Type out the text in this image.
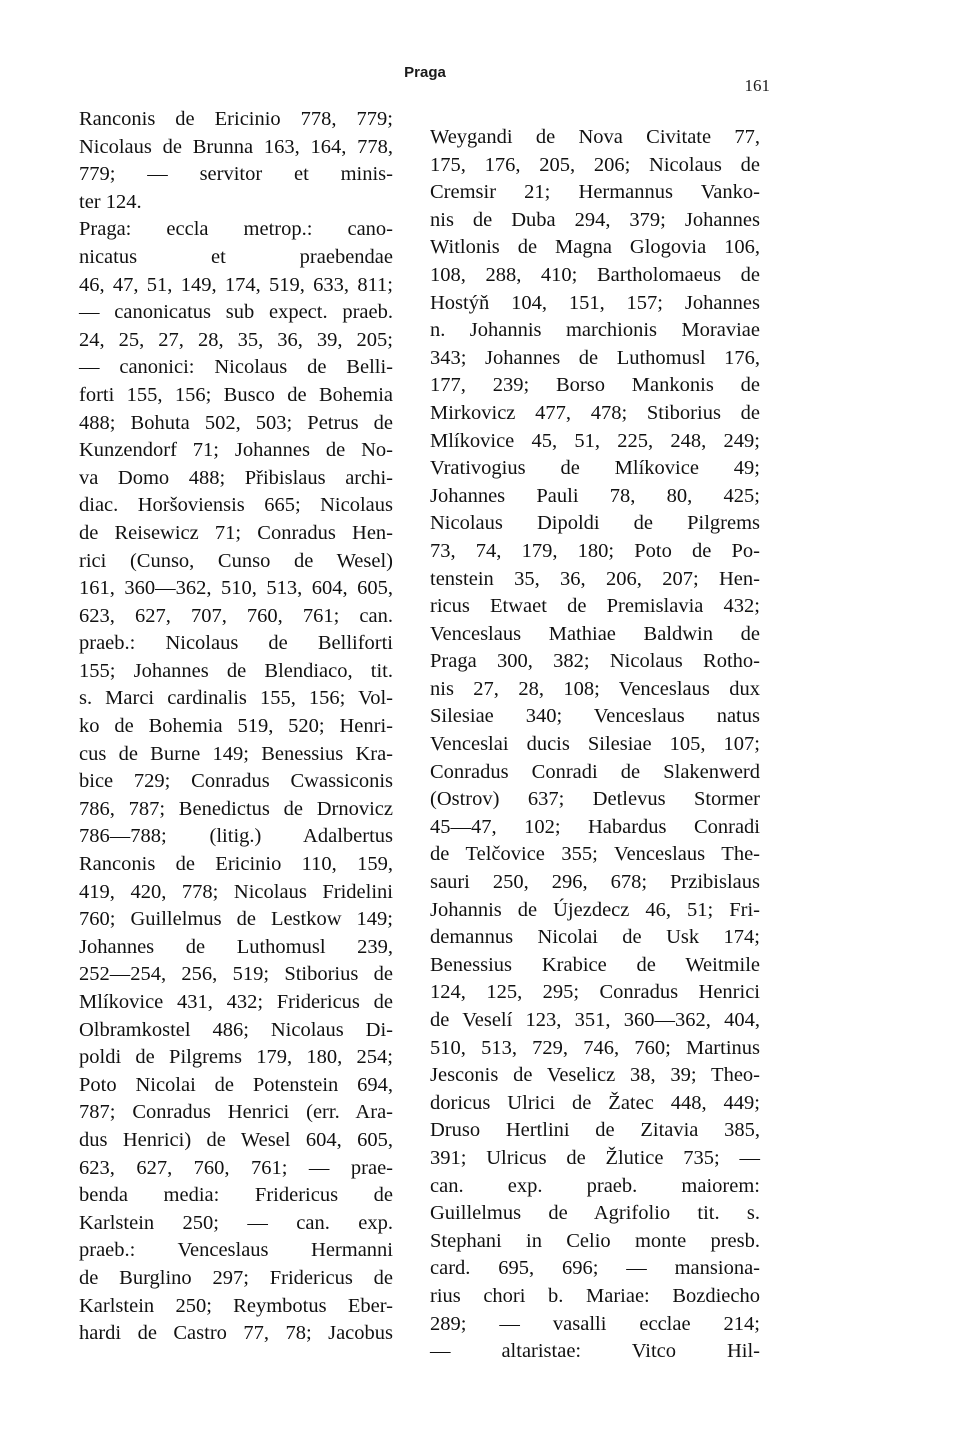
Praga
161
Ranconis de Ericinio 778, 779;
Nicolaus de Brunna 163, 164, 778,
779; — servitor et minis-
ter 124.
Praga: eccla metrop.: cano-
nicatus et praebendae
46, 47, 51, 149, 174, 519, 633, 811;
— canonicatus sub expect. praeb.
24, 25, 27, 28, 35, 36, 39, 205;
— canonici: Nicolaus de Belli-
forti 155, 156; Busco de Bohemia
488; Bohuta 502, 503; Petrus de
Kunzendorf 71; Johannes de No-
va Domo 488; Přibislaus archi-
diac. Horšoviensis 665; Nicolaus
de Reisewicz 71; Conradus Hen-
rici (Cunso, Cunso de Wesel)
161, 360—362, 510, 513, 604, 605,
623, 627, 707, 760, 761; can.
praeb.: Nicolaus de Belliforti
155; Johannes de Blendiaco, tit.
s. Marci cardinalis 155, 156; Vol-
ko de Bohemia 519, 520; Henri-
cus de Burne 149; Benessius Kra-
bice 729; Conradus Cwassiconis
786, 787; Benedictus de Drnovicz
786—788; (litig.) Adalbertus
Ranconis de Ericinio 110, 159,
419, 420, 778; Nicolaus Fridelini
760; Guillelmus de Lestkow 149;
Johannes de Luthomusl 239,
252—254, 256, 519; Stiborius de
Mlíkovice 431, 432; Fridericus de
Olbramkostel 486; Nicolaus Di-
poldi de Pilgrems 179, 180, 254;
Poto Nicolai de Potenstein 694,
787; Conradus Henrici (err. Ara-
dus Henrici) de Wesel 604, 605,
623, 627, 760, 761; — prae-
benda media: Fridericus de
Karlstein 250; — can. exp.
praeb.: Venceslaus Hermanni
de Burglino 297; Fridericus de
Karlstein 250; Reymbotus Eber-
hardi de Castro 77, 78; Jacobus
Weygandi de Nova Civitate 77,
175, 176, 205, 206; Nicolaus de
Cremsir 21; Hermannus Vanko-
nis de Duba 294, 379; Johannes
Witlonis de Magna Glogovia 106,
108, 288, 410; Bartholomaeus de
Hostýň 104, 151, 157; Johannes
n. Johannis marchionis Moraviae
343; Johannes de Luthomusl 176,
177, 239; Borso Mankonis de
Mirkovicz 477, 478; Stiborius de
Mlíkovice 45, 51, 225, 248, 249;
Vrativogius de Mlíkovice 49;
Johannes Pauli 78, 80, 425;
Nicolaus Dipoldi de Pilgrems
73, 74, 179, 180; Poto de Po-
tenstein 35, 36, 206, 207; Hen-
ricus Etwaet de Premislavia 432;
Venceslaus Mathiae Baldwin de
Praga 300, 382; Nicolaus Rotho-
nis 27, 28, 108; Venceslaus dux
Silesiae 340; Venceslaus natus
Venceslai ducis Silesiae 105, 107;
Conradus Conradi de Slakenwerd
(Ostrov) 637; Detlevus Stormer
45—47, 102; Habardus Conradi
de Telčovice 355; Venceslaus The-
sauri 250, 296, 678; Przibislaus
Johannis de Újezdecz 46, 51; Fri-
demannus Nicolai de Usk 174;
Benessius Krabice de Weitmile
124, 125, 295; Conradus Henrici
de Veselí 123, 351, 360—362, 404,
510, 513, 729, 746, 760; Martinus
Jesconis de Veselicz 38, 39; Theo-
doricus Ulrici de Žatec 448, 449;
Druso Hertlini de Zitavia 385,
391; Ulricus de Žlutice 735; —
can. exp. praeb. maiorem:
Guillelmus de Agrifolio tit. s.
Stephani in Celio monte presb.
card. 695, 696; — mansiona-
rius chori b. Mariae: Bozdiecho
289; — vasalli ecclae 214;
— altaristae: Vitco Hil-
